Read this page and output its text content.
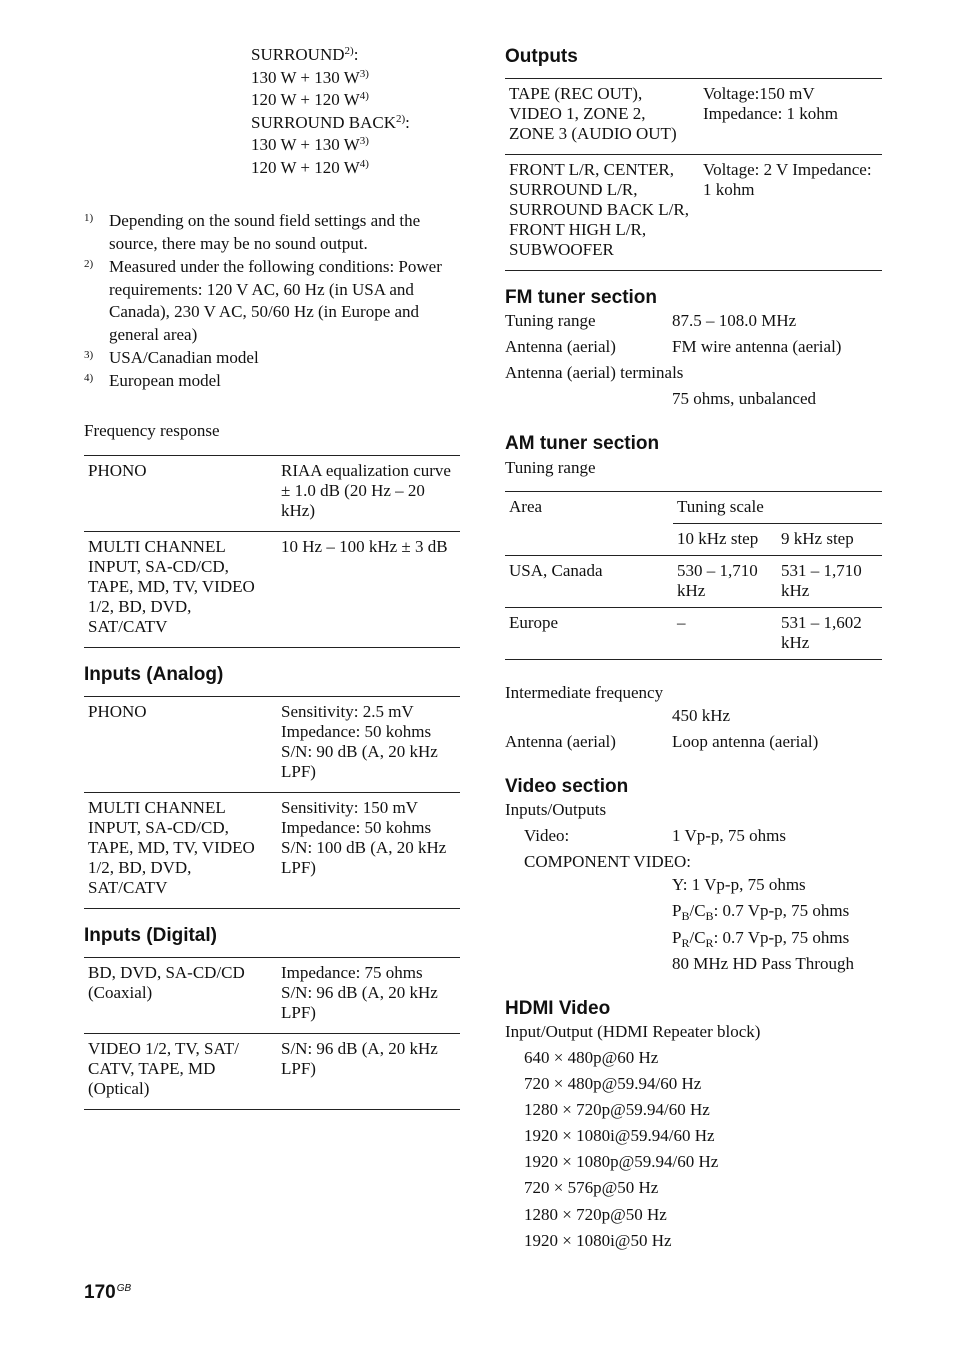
SURROUND$^{2)}$:
130 W + 130 $W^{3)}$
120 W + 120 $W^{4)}$
SURROUND BACK$^{2)}$:
130 W + 130 $W^{3)}$
120 W + 120 $W^{4)}$
1) Depending on the sound field settings and the source, there may be no sound output.
2) Measured under the following conditions: Power requirements: 120 V AC, 60 Hz (in USA and Canada), 230 V AC, 50/60 Hz (in Europe and general area)
3) USA/Canadian model
4) European model
Frequency response
PHONO	RIAA equalization curve ± 1.0 dB (20 Hz – 20 kHz)
MULTI CHANNEL INPUT, SA-CD/CD, TAPE, MD, TV, VIDEO 1/2, BD, DVD, SAT/CATV	10 Hz – 100 kHz ± 3 dB
Inputs (Analog)
PHONO	Sensitivity: 2.5 mV Impedance: 50 kohms S/N: 90 dB (A, 20 kHz LPF)
MULTI CHANNEL INPUT, SA-CD/CD, TAPE, MD, TV, VIDEO 1/2, BD, DVD, SAT/CATV	Sensitivity: 150 mV Impedance: 50 kohms S/N: 100 dB (A, 20 kHz LPF)
Inputs (Digital)
BD, DVD, SA-CD/CD (Coaxial)	Impedance: 75 ohms S/N: 96 dB (A, 20 kHz LPF)
VIDEO 1/2, TV, SAT/ CATV, TAPE, MD (Optical)	S/N: 96 dB (A, 20 kHz LPF)
Outputs
TAPE (REC OUT), VIDEO 1, ZONE 2, ZONE 3 (AUDIO OUT)	Voltage:150 mV Impedance: 1 kohm
FRONT L/R, CENTER, SURROUND L/R, SURROUND BACK L/R, FRONT HIGH L/R, SUBWOOFER	Voltage: 2 V Impedance: 1 kohm
FM tuner section
Tuning range	87.5 – 108.0 MHz
Antenna (aerial)	FM wire antenna (aerial)
Antenna (aerial) terminals
75 ohms, unbalanced
AM tuner section
Tuning range
Area	Tuning scale	
	10 kHz step	9 kHz step
USA, Canada	530 – 1,710 kHz	531 – 1,710 kHz
Europe	–	531 – 1,602 kHz
Intermediate frequency
450 kHz
Antenna (aerial)	Loop antenna (aerial)
Video section
Inputs/Outputs
Video:	1 Vp-p, 75 ohms
COMPONENT VIDEO:
Y: 1 Vp-p, 75 ohms
$P_B/C_B$: 0.7 Vp-p, 75 ohms
$P_R/C_R$: 0.7 Vp-p, 75 ohms
80 MHz HD Pass Through
HDMI Video
Input/Output (HDMI Repeater block)
640 × 480p@60 Hz
720 × 480p@59.94/60 Hz
1280 × 720p@59.94/60 Hz
1920 × 1080i@59.94/60 Hz
1920 × 1080p@59.94/60 Hz
720 × 576p@50 Hz
1280 × 720p@50 Hz
1920 × 1080i@50 Hz
$170^{GB}$
